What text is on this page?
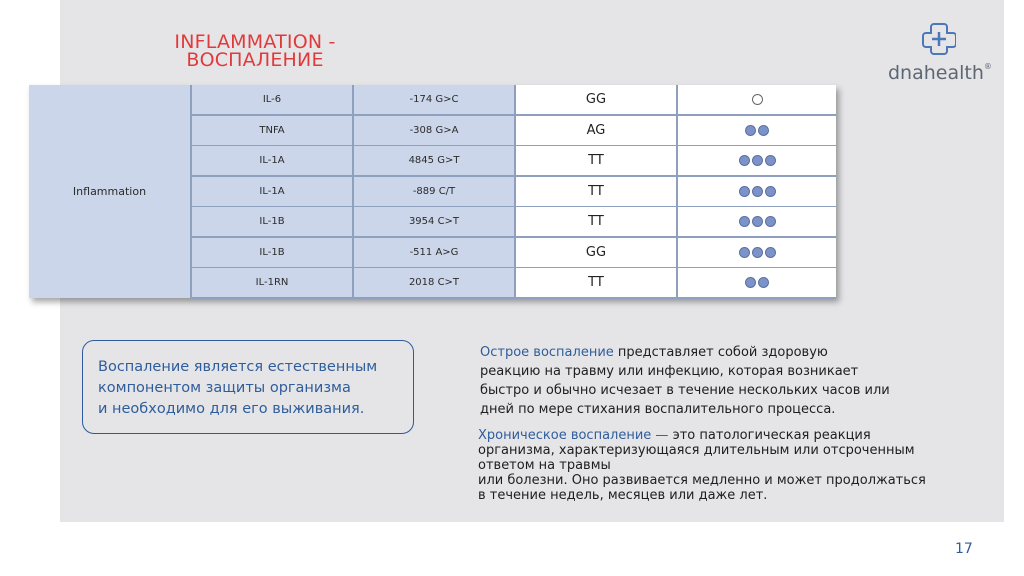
INFLAMMATION - ВОСПАЛЕНИЕ
dnahealth®
Inflammation
IL-6	-174 G>C	GG
TNFA	-308 G>A	AG
IL-1A	4845 G>T	TT
IL-1A	-889 C/T	TT
IL-1B	3954 C>T	TT
IL-1B	-511 A>G	GG
IL-1RN	2018 C>T	TT
Воспаление является естественным
компонентом защиты организма
и необходимо для его выживания.
Острое воспаление представляет собой здоровую
реакцию на травму или инфекцию, которая возникает
быстро и обычно исчезает в течение нескольких часов или
дней по мере стихания воспалительного процесса.
Хроническое воспаление — это патологическая реакция
организма, характеризующаяся длительным или отсроченным
ответом на травмы
или болезни. Оно развивается медленно и может продолжаться
в течение недель, месяцев или даже лет.
17
